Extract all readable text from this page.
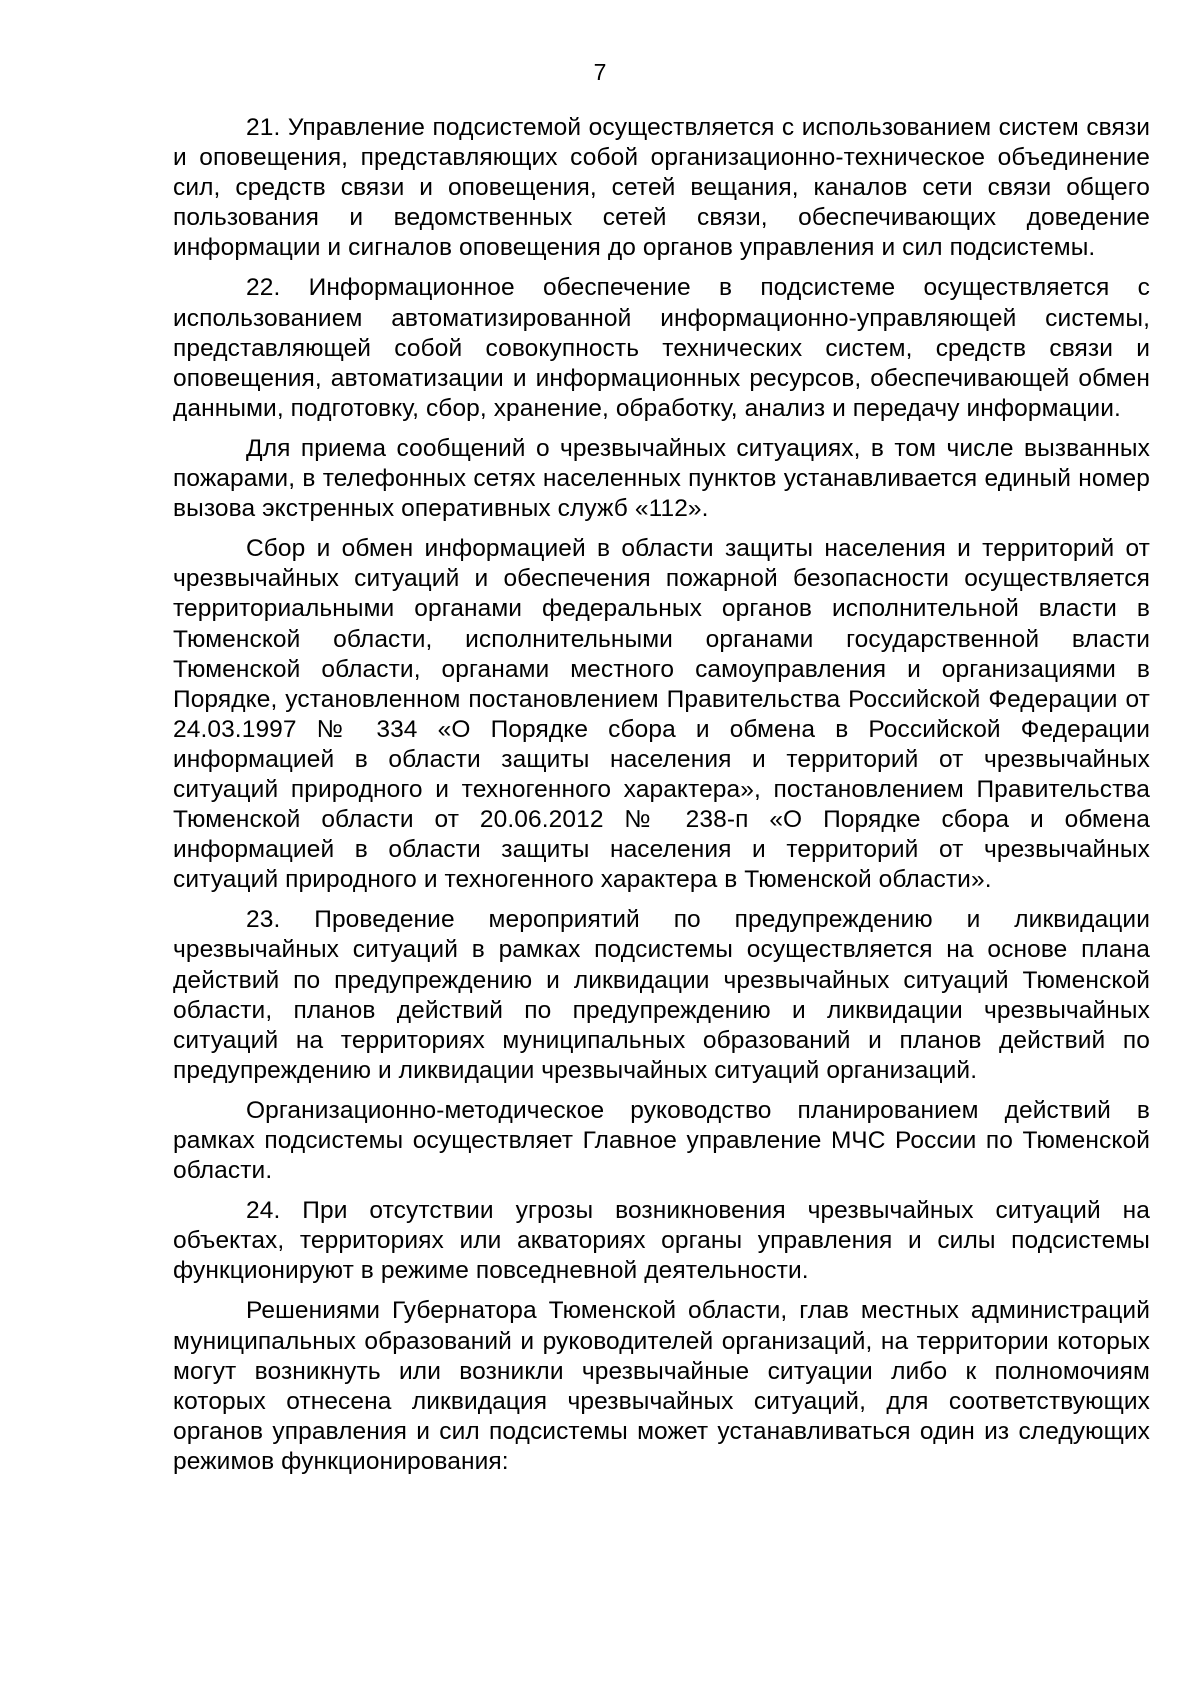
7

21. Управление подсистемой осуществляется с использованием систем связи и оповещения, представляющих собой организационно-техническое объединение сил, средств связи и оповещения, сетей вещания, каналов сети связи общего пользования и ведомственных сетей связи, обеспечивающих доведение информации и сигналов оповещения до органов управления и сил подсистемы.

22. Информационное обеспечение в подсистеме осуществляется с использованием автоматизированной информационно-управляющей системы, представляющей собой совокупность технических систем, средств связи и оповещения, автоматизации и информационных ресурсов, обеспечивающей обмен данными, подготовку, сбор, хранение, обработку, анализ и передачу информации.

Для приема сообщений о чрезвычайных ситуациях, в том числе вызванных пожарами, в телефонных сетях населенных пунктов устанавливается единый номер вызова экстренных оперативных служб «112».

Сбор и обмен информацией в области защиты населения и территорий от чрезвычайных ситуаций и обеспечения пожарной безопасности осуществляется территориальными органами федеральных органов исполнительной власти в Тюменской области, исполнительными органами государственной власти Тюменской области, органами местного самоуправления и организациями в Порядке, установленном постановлением Правительства Российской Федерации от 24.03.1997 № 334 «О Порядке сбора и обмена в Российской Федерации информацией в области защиты населения и территорий от чрезвычайных ситуаций природного и техногенного характера», постановлением Правительства Тюменской области от 20.06.2012 № 238-п «О Порядке сбора и обмена информацией в области защиты населения и территорий от чрезвычайных ситуаций природного и техногенного характера в Тюменской области».

23. Проведение мероприятий по предупреждению и ликвидации чрезвычайных ситуаций в рамках подсистемы осуществляется на основе плана действий по предупреждению и ликвидации чрезвычайных ситуаций Тюменской области, планов действий по предупреждению и ликвидации чрезвычайных ситуаций на территориях муниципальных образований и планов действий по предупреждению и ликвидации чрезвычайных ситуаций организаций.

Организационно-методическое руководство планированием действий в рамках подсистемы осуществляет Главное управление МЧС России по Тюменской области.

24. При отсутствии угрозы возникновения чрезвычайных ситуаций на объектах, территориях или акваториях органы управления и силы подсистемы функционируют в режиме повседневной деятельности.

Решениями Губернатора Тюменской области, глав местных администраций муниципальных образований и руководителей организаций, на территории которых могут возникнуть или возникли чрезвычайные ситуации либо к полномочиям которых отнесена ликвидация чрезвычайных ситуаций, для соответствующих органов управления и сил подсистемы может устанавливаться один из следующих режимов функционирования:
